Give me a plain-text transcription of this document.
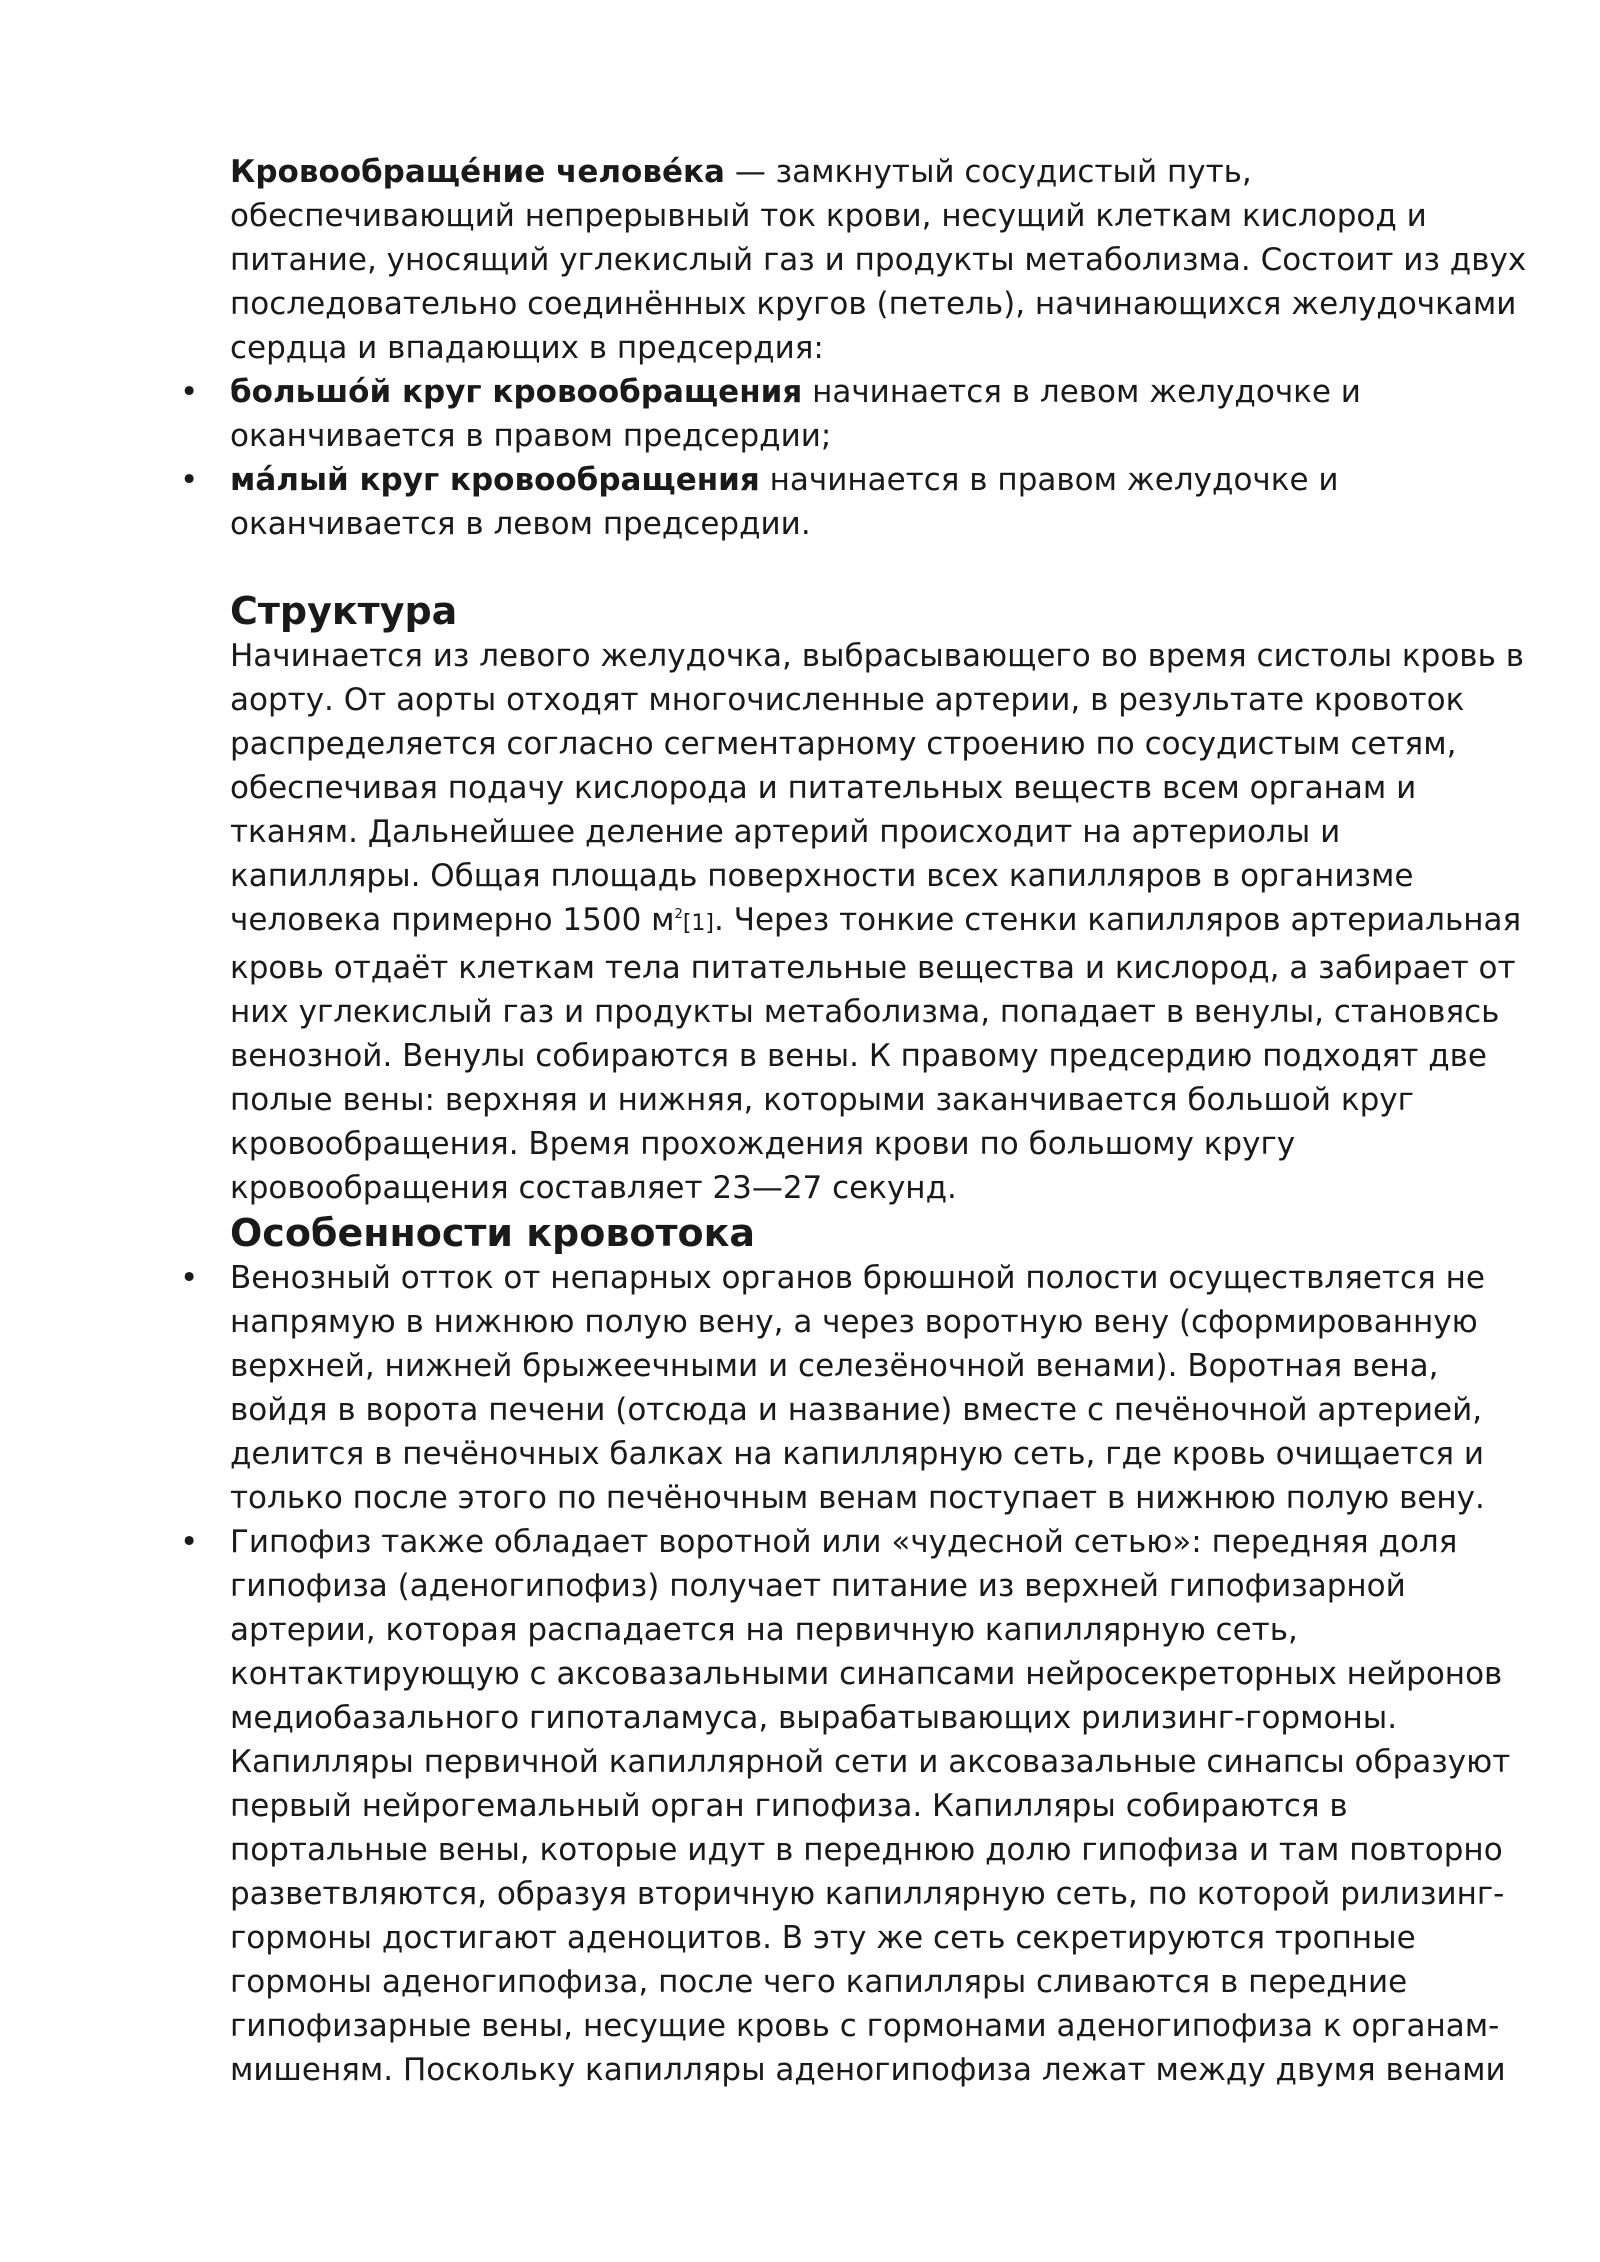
Кровообраще́ние челове́ка — замкнутый сосудистый путь, обеспечивающий непрерывный ток крови, несущий клеткам кислород и питание, уносящий углекислый газ и продукты метаболизма. Состоит из двух последовательно соединённых кругов (петель), начинающихся желудочками сердца и впадающих в предсердия:

• большо́й круг кровообращения начинается в левом желудочке и оканчивается в правом предсердии;
• ма́лый круг кровообращения начинается в правом желудочке и оканчивается в левом предсердии.
Структура

Начинается из левого желудочка, выбрасывающего во время систолы кровь в аорту. От аорты отходят многочисленные артерии, в результате кровоток распределяется согласно сегментарному строению по сосудистым сетям, обеспечивая подачу кислорода и питательных веществ всем органам и тканям. Дальнейшее деление артерий происходит на артериолы и капилляры. Общая площадь поверхности всех капилляров в организме человека примерно 1500 $м^2[1]$. Через тонкие стенки капилляров артериальная кровь отдаёт клеткам тела питательные вещества и кислород, а забирает от них углекислый газ и продукты метаболизма, попадает в венулы, становясь венозной. Венулы собираются в вены. К правому предсердию подходят две полые вены: верхняя и нижняя, которыми заканчивается большой круг кровообращения. Время прохождения крови по большому кругу кровообращения составляет 23—27 секунд.

Особенности кровотока
• Венозный отток от непарных органов брюшной полости осуществляется не напрямую в нижнюю полую вену, а через воротную вену (сформированную верхней, нижней брыжеечными и селезёночной венами). Воротная вена, войдя в ворота печени (отсюда и название) вместе с печёночной артерией, делится в печёночных балках на капиллярную сеть, где кровь очищается и только после этого по печёночным венам поступает в нижнюю полую вену.
• Гипофиз также обладает воротной или «чудесной сетью»: передняя доля гипофиза (аденогипофиз) получает питание из верхней гипофизарной артерии, которая распадается на первичную капиллярную сеть, контактирующую с аксовазальными синапсами нейросекреторных нейронов медиобазального гипоталамуса, вырабатывающих рилизинг-гормоны. Капилляры первичной капиллярной сети и аксовазальные синапсы образуют первый нейрогемальный орган гипофиза. Капилляры собираются в портальные вены, которые идут в переднюю долю гипофиза и там повторно разветвляются, образуя вторичную капиллярную сеть, по которой рилизинг-гормоны достигают аденоцитов. В эту же сеть секретируются тропные гормоны аденогипофиза, после чего капилляры сливаются в передние гипофизарные вены, несущие кровь с гормонами аденогипофиза к органам-мишеням. Поскольку капилляры аденогипофиза лежат между двумя венами
